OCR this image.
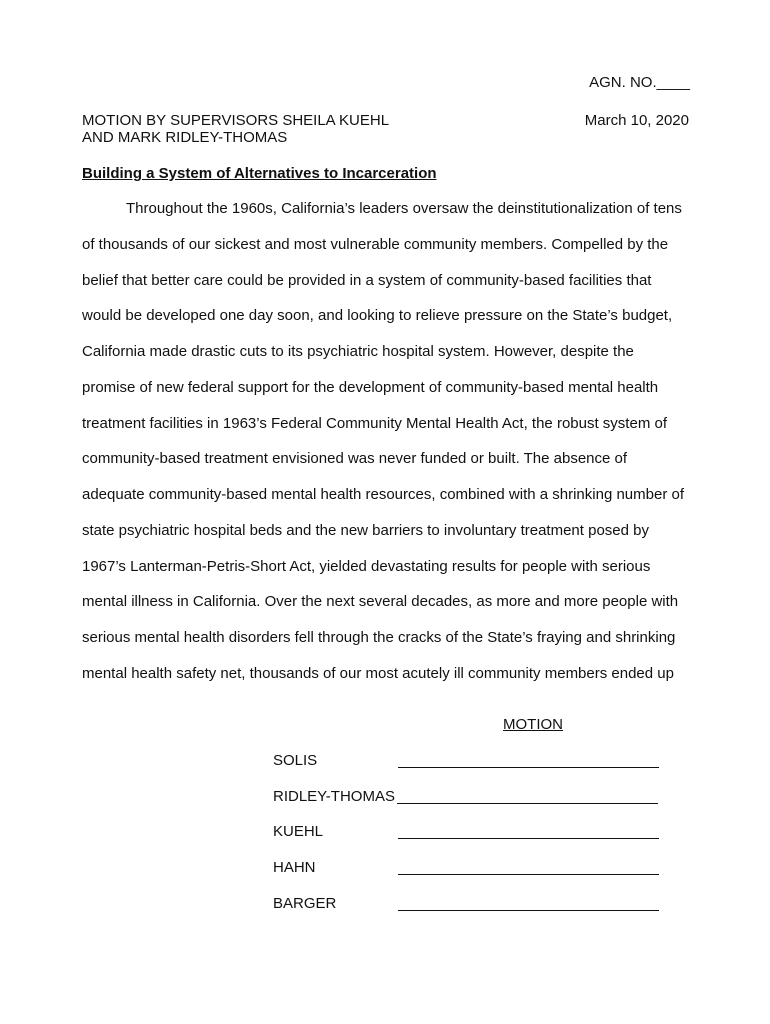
AGN. NO.____
MOTION BY SUPERVISORS SHEILA KUEHL
AND MARK RIDLEY-THOMAS
March 10, 2020
Building a System of Alternatives to Incarceration
Throughout the 1960s, California’s leaders oversaw the deinstitutionalization of tens
of thousands of our sickest and most vulnerable community members. Compelled by the
belief that better care could be provided in a system of community-based facilities that
would be developed one day soon, and looking to relieve pressure on the State’s budget,
California made drastic cuts to its psychiatric hospital system. However, despite the
promise of new federal support for the development of community-based mental health
treatment facilities in 1963’s Federal Community Mental Health Act, the robust system of
community-based treatment envisioned was never funded or built. The absence of
adequate community-based mental health resources, combined with a shrinking number of
state psychiatric hospital beds and the new barriers to involuntary treatment posed by
1967’s Lanterman-Petris-Short Act, yielded devastating results for people with serious
mental illness in California. Over the next several decades, as more and more people with
serious mental health disorders fell through the cracks of the State’s fraying and shrinking
mental health safety net, thousands of our most acutely ill community members ended up
MOTION
SOLIS
RIDLEY-THOMAS
KUEHL
HAHN
BARGER
